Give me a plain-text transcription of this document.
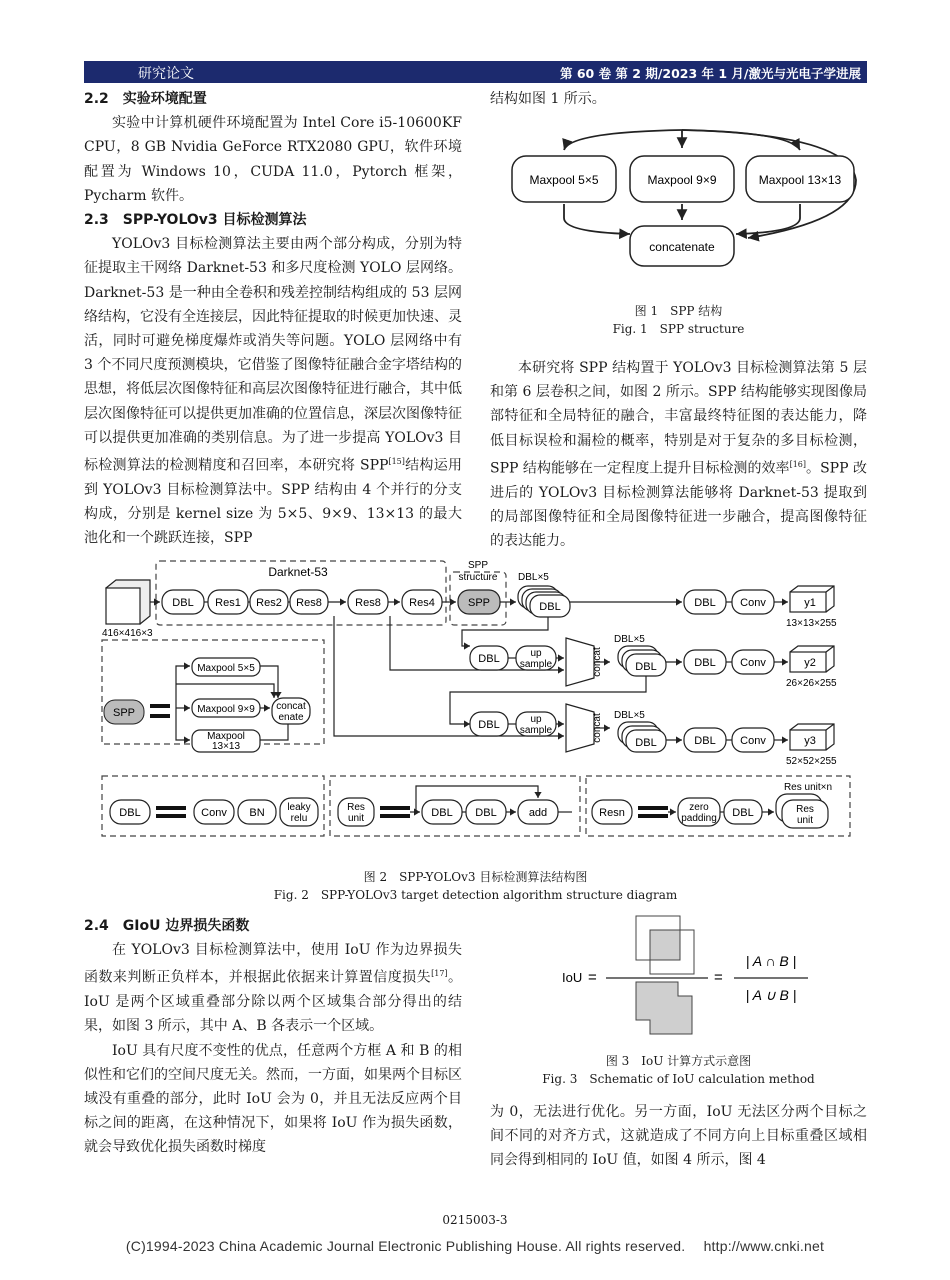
研究论文	第 60 卷 第 2 期/2023 年 1 月/激光与光电子学进展
2.2　实验环境配置

实验中计算机硬件环境配置为 Intel Core i5-10600KF CPU，8 GB Nvidia GeForce RTX2080 GPU，软件环境配置为 Windows 10，CUDA 11.0，Pytorch 框架，Pycharm 软件。

2.3　SPP-YOLOv3 目标检测算法

YOLOv3 目标检测算法主要由两个部分构成，分别为特征提取主干网络 Darknet-53 和多尺度检测 YOLO 层网络。Darknet-53 是一种由全卷积和残差控制结构组成的 53 层网络结构，它没有全连接层，因此特征提取的时候更加快速、灵活，同时可避免梯度爆炸或消失等问题。YOLO 层网络中有 3 个不同尺度预测模块，它借鉴了图像特征融合金字塔结构的思想，将低层次图像特征和高层次图像特征进行融合，其中低层次图像特征可以提供更加准确的位置信息，深层次图像特征可以提供更加准确的类别信息。为了进一步提高 YOLOv3 目标检测算法的检测精度和召回率，本研究将 SPP[15]结构运用到 YOLOv3 目标检测算法中。SPP 结构由 4 个并行的分支构成，分别是 kernel size 为 5×5、9×9、13×13 的最大池化和一个跳跃连接，SPP

结构如图 1 所示。

Maxpool 5×5	Maxpool 9×9	Maxpool 13×13
concatenate
图 1　SPP 结构
Fig. 1　SPP structure

本研究将 SPP 结构置于 YOLOv3 目标检测算法第 5 层和第 6 层卷积之间，如图 2 所示。SPP 结构能够实现图像局部特征和全局特征的融合，丰富最终特征图的表达能力，降低目标误检和漏检的概率，特别是对于复杂的多目标检测，SPP 结构能够在一定程度上提升目标检测的效率[16]。SPP 改进后的 YOLOv3 目标检测算法能够将 Darknet-53 提取到的局部图像特征和全局图像特征进一步融合，提高图像特征的表达能力。

416×416×3
Darknet-53	SPP
structure
DBL Res1 Res2 Res8	Res8	Res4	SPP	DBL	DBL Conv	y1
DBL	up
sample	DBL	DBL Conv	y2
DBL	up
sample
DBL	DBL Conv	y3
DBL×5
DBL×5
DBL×5
13×13×255
26×26×255
52×52×255
concat
concat
SPP
Maxpool 5×5
Maxpool 9×9
Maxpool
13×13
concat
enate
DBL	Conv BN leaky
relu
Res
unit	DBL DBL	add	Resn	zero
padding DBL	Res
unit
Res unit×n
图 2　SPP-YOLOv3 目标检测算法结构图
Fig. 2　SPP-YOLOv3 target detection algorithm structure diagram
2.4　GIoU 边界损失函数

在 YOLOv3 目标检测算法中，使用 IoU 作为边界损失函数来判断正负样本，并根据此依据来计算置信度损失[17]。IoU 是两个区域重叠部分除以两个区域集合部分得出的结果，如图 3 所示，其中 A、B 各表示一个区域。

IoU 具有尺度不变性的优点，任意两个方框 A 和 B 的相似性和它们的空间尺度无关。然而，一方面，如果两个目标区域没有重叠的部分，此时 IoU 会为 0，并且无法反应两个目标之间的距离，在这种情况下，如果将 IoU 作为损失函数，就会导致优化损失函数时梯度

IoU =	=
| A ∩ B |
| A ∪ B |
图 3　IoU 计算方式示意图
Fig. 3　Schematic of IoU calculation method

为 0，无法进行优化。另一方面，IoU 无法区分两个目标之间不同的对齐方式，这就造成了不同方向上目标重叠区域相同会得到相同的 IoU 值，如图 4 所示，图 4

0215003-3
(C)1994-2023 China Academic Journal Electronic Publishing House. All rights reserved.　 http://www.cnki.net
